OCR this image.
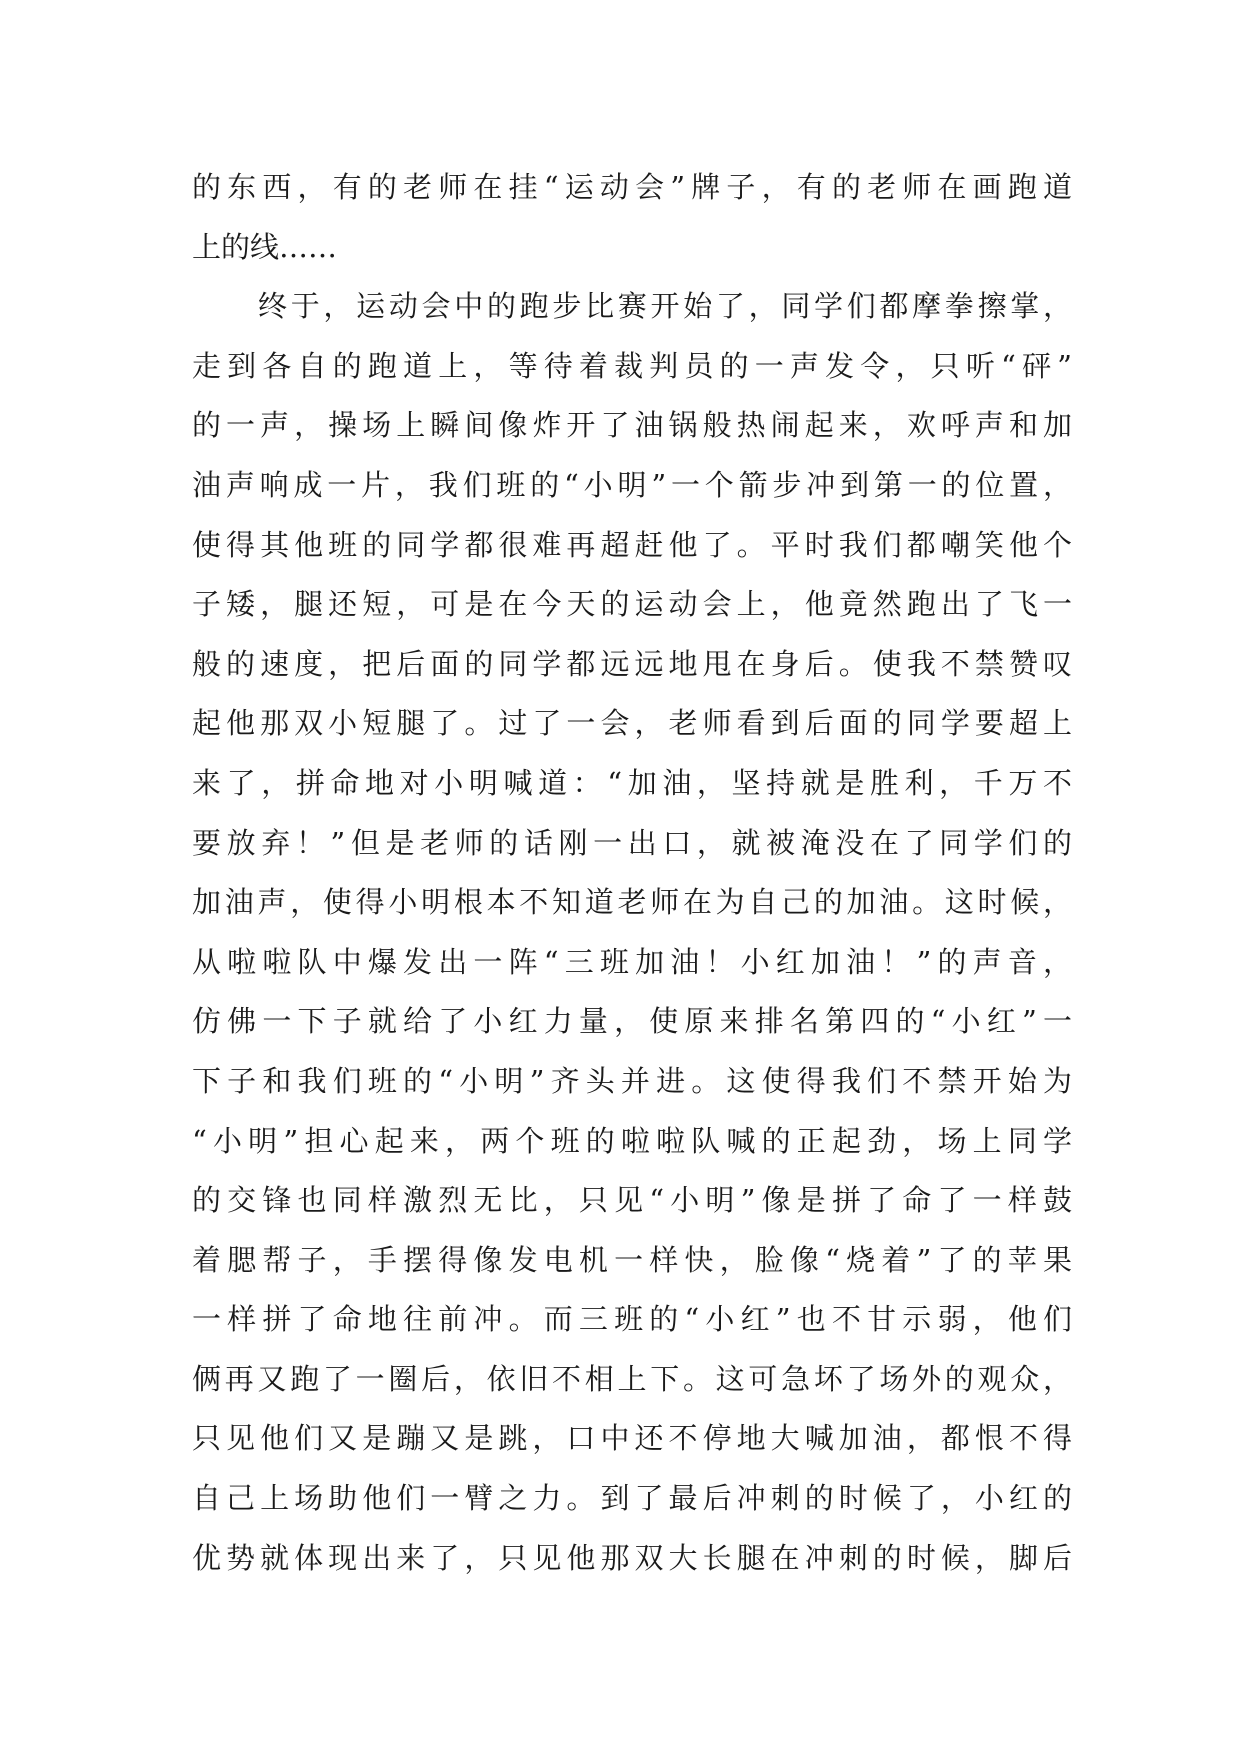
的东西，有的老师在挂“运动会”牌子，有的老师在画跑道
上的线……
终于，运动会中的跑步比赛开始了，同学们都摩拳擦掌，
走到各自的跑道上，等待着裁判员的一声发令，只听“砰”
的一声，操场上瞬间像炸开了油锅般热闹起来，欢呼声和加
油声响成一片，我们班的“小明”一个箭步冲到第一的位置，
使得其他班的同学都很难再超赶他了。平时我们都嘲笑他个
子矮，腿还短，可是在今天的运动会上，他竟然跑出了飞一
般的速度，把后面的同学都远远地甩在身后。使我不禁赞叹
起他那双小短腿了。过了一会，老师看到后面的同学要超上
来了，拼命地对小明喊道：“加油，坚持就是胜利，千万不
要放弃！”但是老师的话刚一出口，就被淹没在了同学们的
加油声，使得小明根本不知道老师在为自己的加油。这时候，
从啦啦队中爆发出一阵“三班加油！小红加油！”的声音，
仿佛一下子就给了小红力量，使原来排名第四的“小红”一
下子和我们班的“小明”齐头并进。这使得我们不禁开始为
“小明”担心起来，两个班的啦啦队喊的正起劲，场上同学
的交锋也同样激烈无比，只见“小明”像是拼了命了一样鼓
着腮帮子，手摆得像发电机一样快，脸像“烧着”了的苹果
一样拼了命地往前冲。而三班的“小红”也不甘示弱，他们
俩再又跑了一圈后，依旧不相上下。这可急坏了场外的观众，
只见他们又是蹦又是跳，口中还不停地大喊加油，都恨不得
自己上场助他们一臂之力。到了最后冲刺的时候了，小红的
优势就体现出来了，只见他那双大长腿在冲刺的时候，脚后
